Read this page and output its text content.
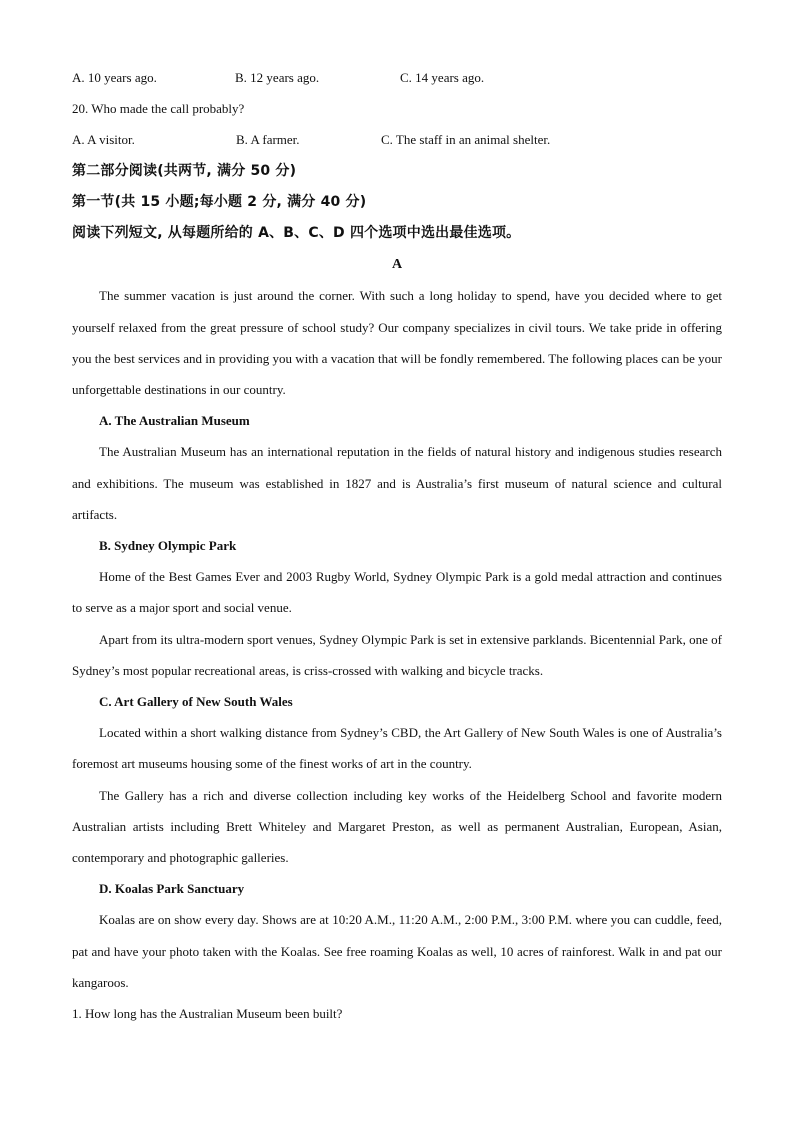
A. 10 years ago.	B. 12 years ago.	C. 14 years ago.
20. Who made the call probably?
A. A visitor.	B. A farmer.	C. The staff in an animal shelter.
第二部分阅读(共两节, 满分 50 分)
第一节(共 15 小题;每小题 2 分, 满分 40 分)
阅读下列短文, 从每题所给的 A、B、C、D 四个选项中选出最佳选项。
A

The summer vacation is just around the corner. With such a long holiday to spend, have you decided where to get yourself relaxed from the great pressure of school study? Our company specializes in civil tours. We take pride in offering you the best services and in providing you with a vacation that will be fondly remembered. The following places can be your unforgettable destinations in our country.

A. The Australian Museum

The Australian Museum has an international reputation in the fields of natural history and indigenous studies research and exhibitions. The museum was established in 1827 and is Australia’s first museum of natural science and cultural artifacts.

B. Sydney Olympic Park

Home of the Best Games Ever and 2003 Rugby World, Sydney Olympic Park is a gold medal attraction and continues to serve as a major sport and social venue.

Apart from its ultra-modern sport venues, Sydney Olympic Park is set in extensive parklands. Bicentennial Park, one of Sydney’s most popular recreational areas, is criss-crossed with walking and bicycle tracks.

C. Art Gallery of New South Wales

Located within a short walking distance from Sydney’s CBD, the Art Gallery of New South Wales is one of Australia’s foremost art museums housing some of the finest works of art in the country.

The Gallery has a rich and diverse collection including key works of the Heidelberg School and favorite modern Australian artists including Brett Whiteley and Margaret Preston, as well as permanent Australian, European, Asian, contemporary and photographic galleries.

D. Koalas Park Sanctuary

Koalas are on show every day. Shows are at 10:20 A.M., 11:20 A.M., 2:00 P.M., 3:00 P.M. where you can cuddle, feed, pat and have your photo taken with the Koalas. See free roaming Koalas as well, 10 acres of rainforest. Walk in and pat our kangaroos.

1. How long has the Australian Museum been built?
